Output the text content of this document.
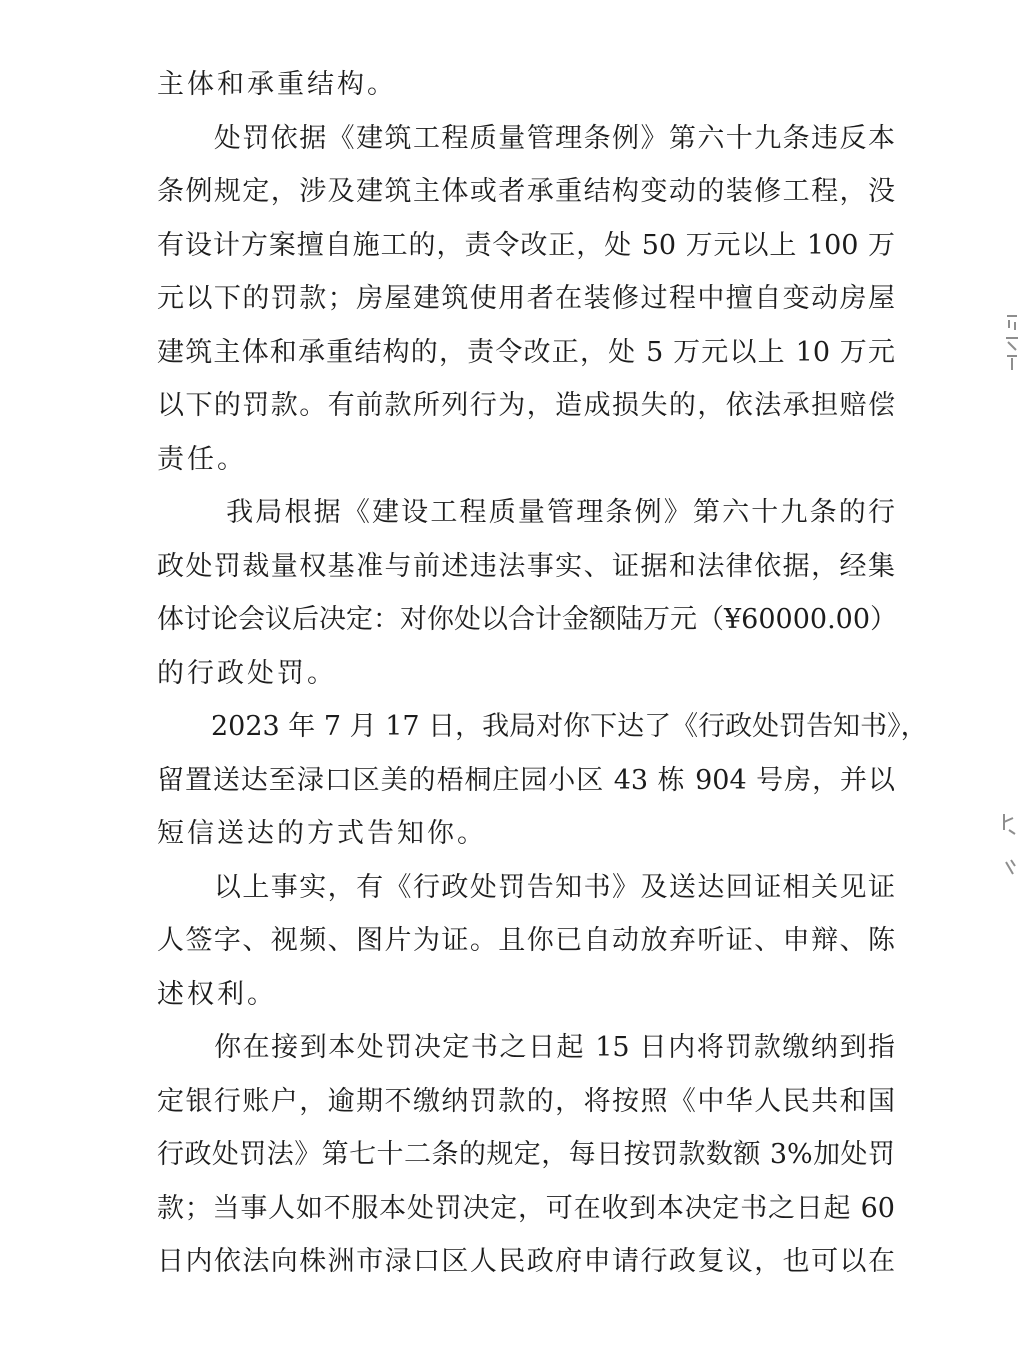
主体和承重结构。
　　处罚依据《建筑工程质量管理条例》第六十九条违反本
条例规定，涉及建筑主体或者承重结构变动的装修工程，没
有设计方案擅自施工的，责令改正，处 50 万元以上 100 万
元以下的罚款；房屋建筑使用者在装修过程中擅自变动房屋
建筑主体和承重结构的，责令改正，处 5 万元以上 10 万元
以下的罚款。有前款所列行为，造成损失的，依法承担赔偿
责任。
　　 我局根据《建设工程质量管理条例》第六十九条的行
政处罚裁量权基准与前述违法事实、证据和法律依据，经集
体讨论会议后决定：对你处以合计金额陆万元（¥60000.00）
的行政处罚。
　　2023 年 7 月 17 日，我局对你下达了《行政处罚告知书》，
留置送达至渌口区美的梧桐庄园小区 43 栋 904 号房，并以
短信送达的方式告知你。
　　以上事实，有《行政处罚告知书》及送达回证相关见证
人签字、视频、图片为证。且你已自动放弃听证、申辩、陈
述权利。
　　你在接到本处罚决定书之日起 15 日内将罚款缴纳到指
定银行账户，逾期不缴纳罚款的，将按照《中华人民共和国
行政处罚法》第七十二条的规定，每日按罚款数额 3%加处罚
款；当事人如不服本处罚决定，可在收到本决定书之日起 60
日内依法向株洲市渌口区人民政府申请行政复议，也可以在
